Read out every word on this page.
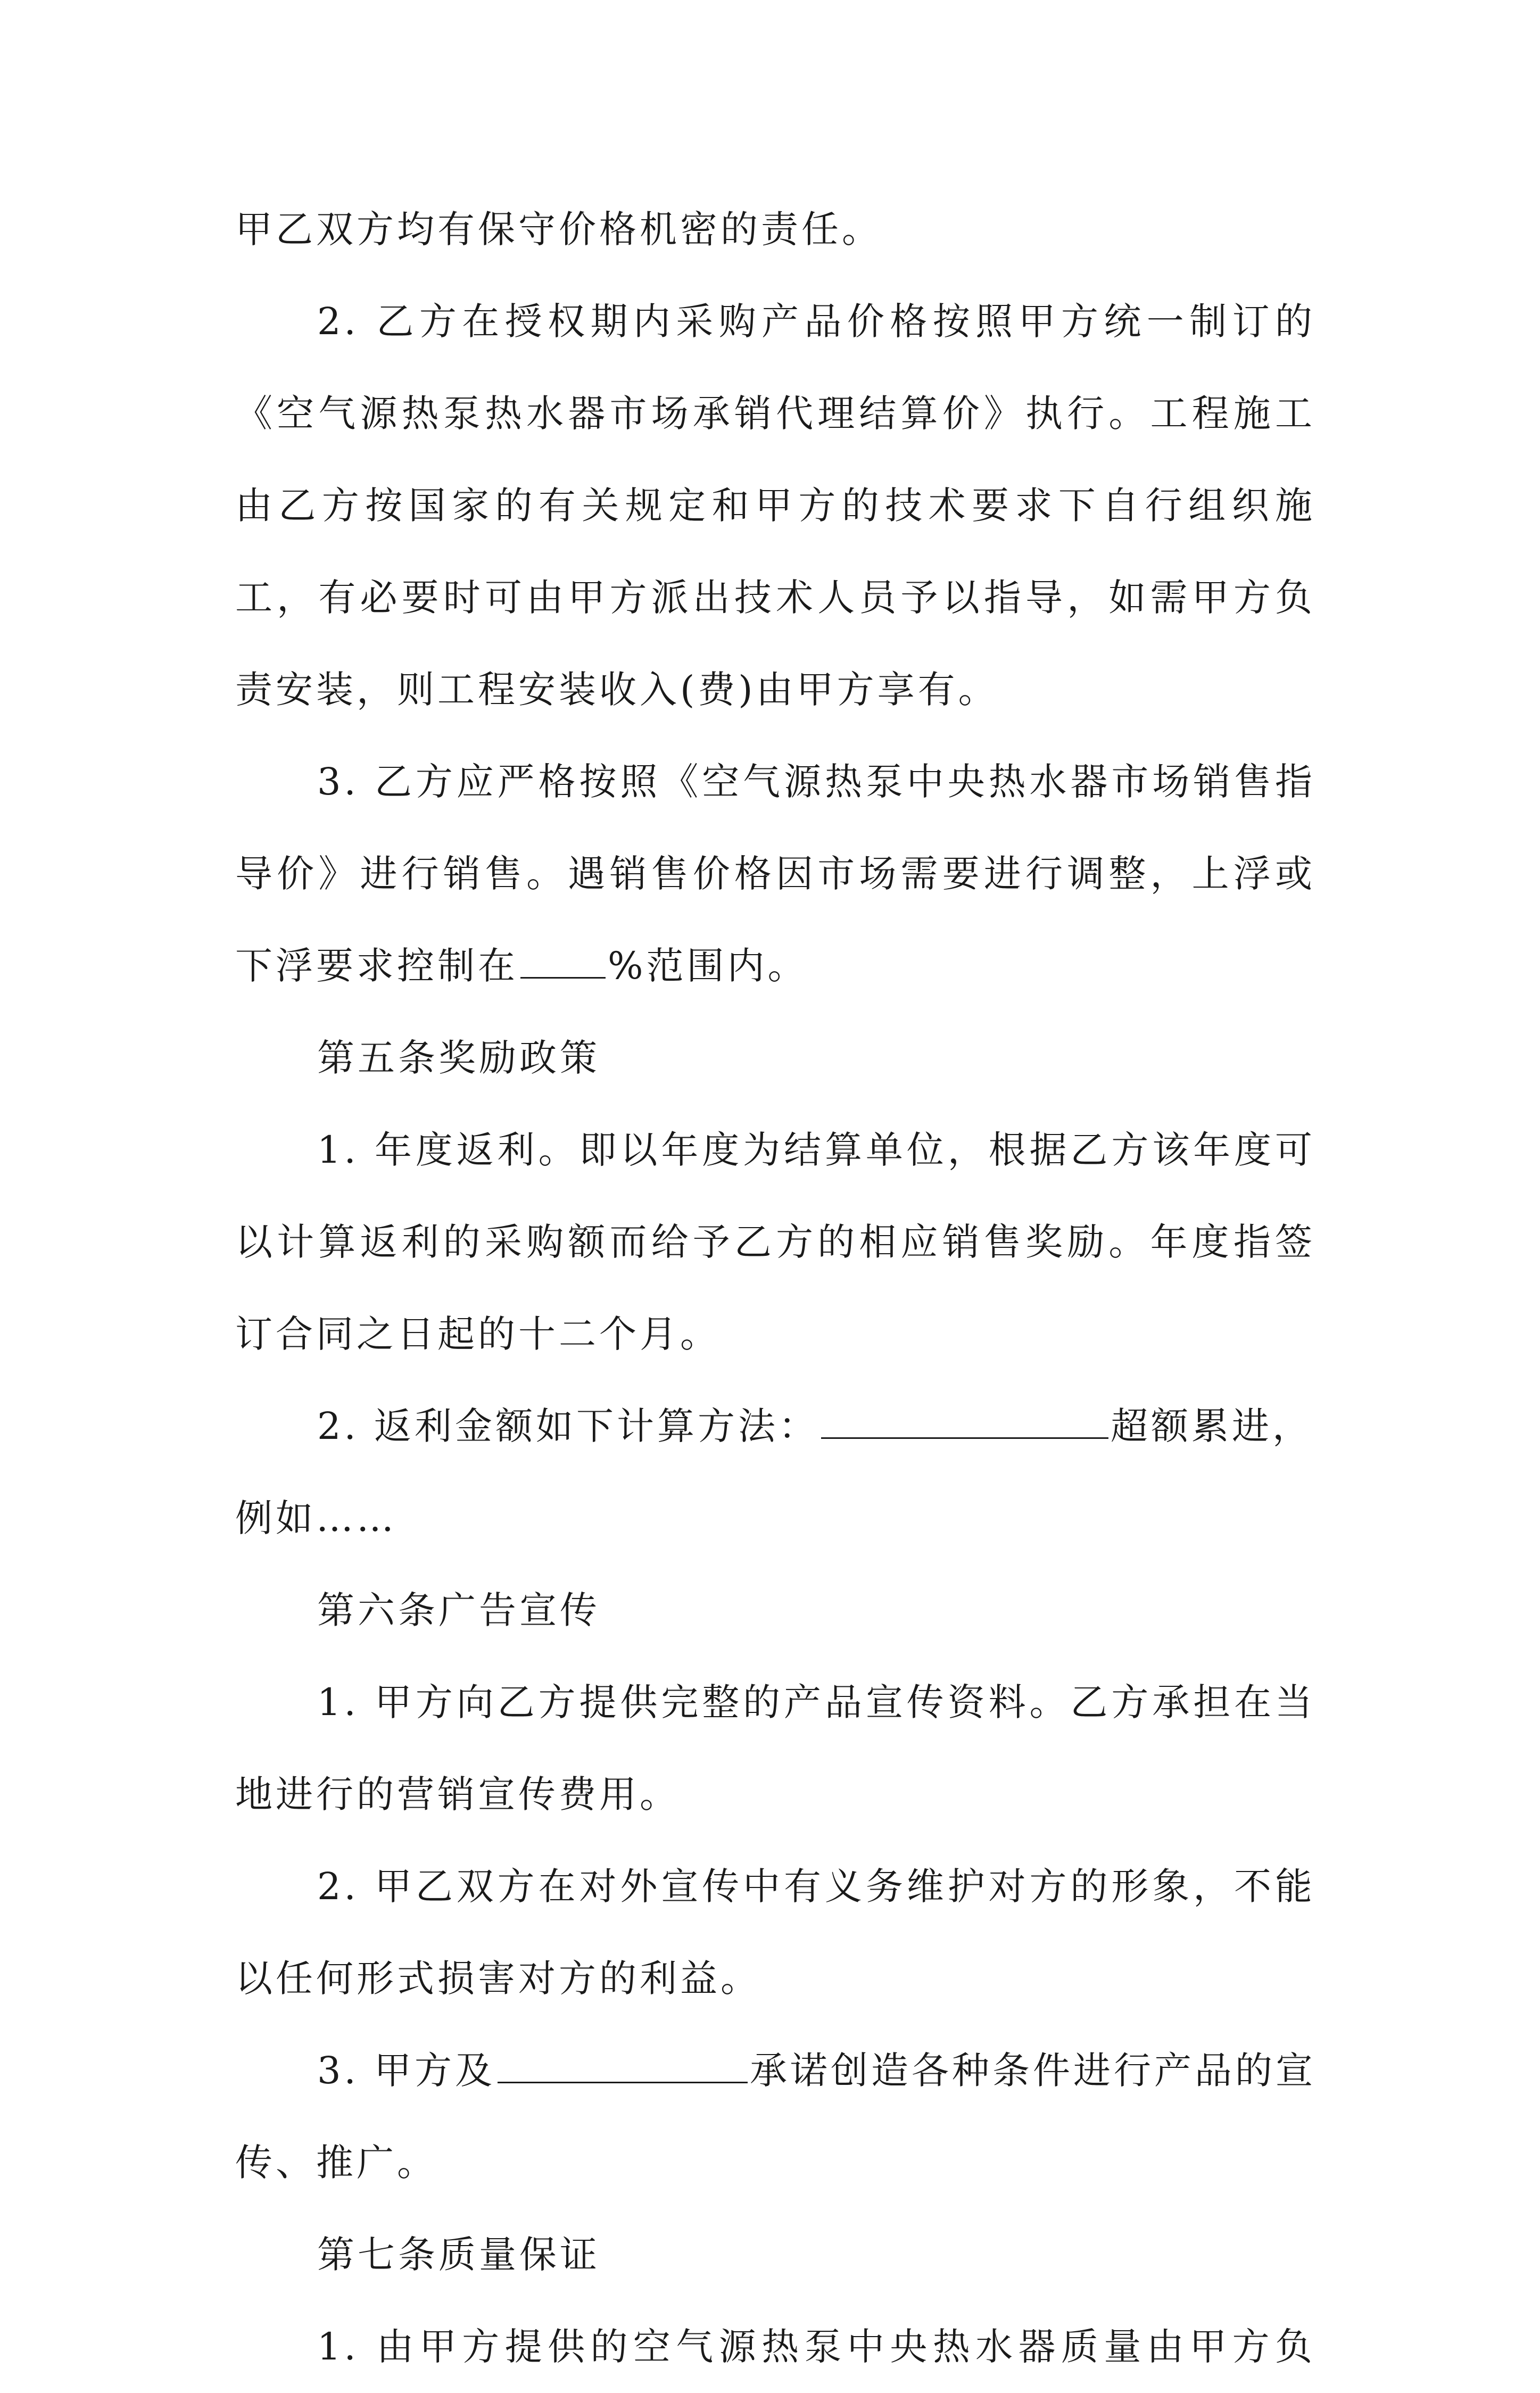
甲乙双方均有保守价格机密的责任。
2. 乙方在授权期内采购产品价格按照甲方统一制订的
《空气源热泵热水器市场承销代理结算价》执行。工程施工
由乙方按国家的有关规定和甲方的技术要求下自行组织施
工，有必要时可由甲方派出技术人员予以指导，如需甲方负
责安装，则工程安装收入(费)由甲方享有。
3. 乙方应严格按照《空气源热泵中央热水器市场销售指
导价》进行销售。遇销售价格因市场需要进行调整，上浮或
下浮要求控制在 %范围内。
第五条奖励政策
1. 年度返利。即以年度为结算单位，根据乙方该年度可
以计算返利的采购额而给予乙方的相应销售奖励。年度指签
订合同之日起的十二个月。
2. 返利金额如下计算方法：	超额累进，
例如……
第六条广告宣传
1. 甲方向乙方提供完整的产品宣传资料。乙方承担在当
地进行的营销宣传费用。
2. 甲乙双方在对外宣传中有义务维护对方的形象，不能
以任何形式损害对方的利益。
3. 甲方及	承诺创造各种条件进行产品的宣
传、推广。
第七条质量保证
1. 由甲方提供的空气源热泵中央热水器质量由甲方负
